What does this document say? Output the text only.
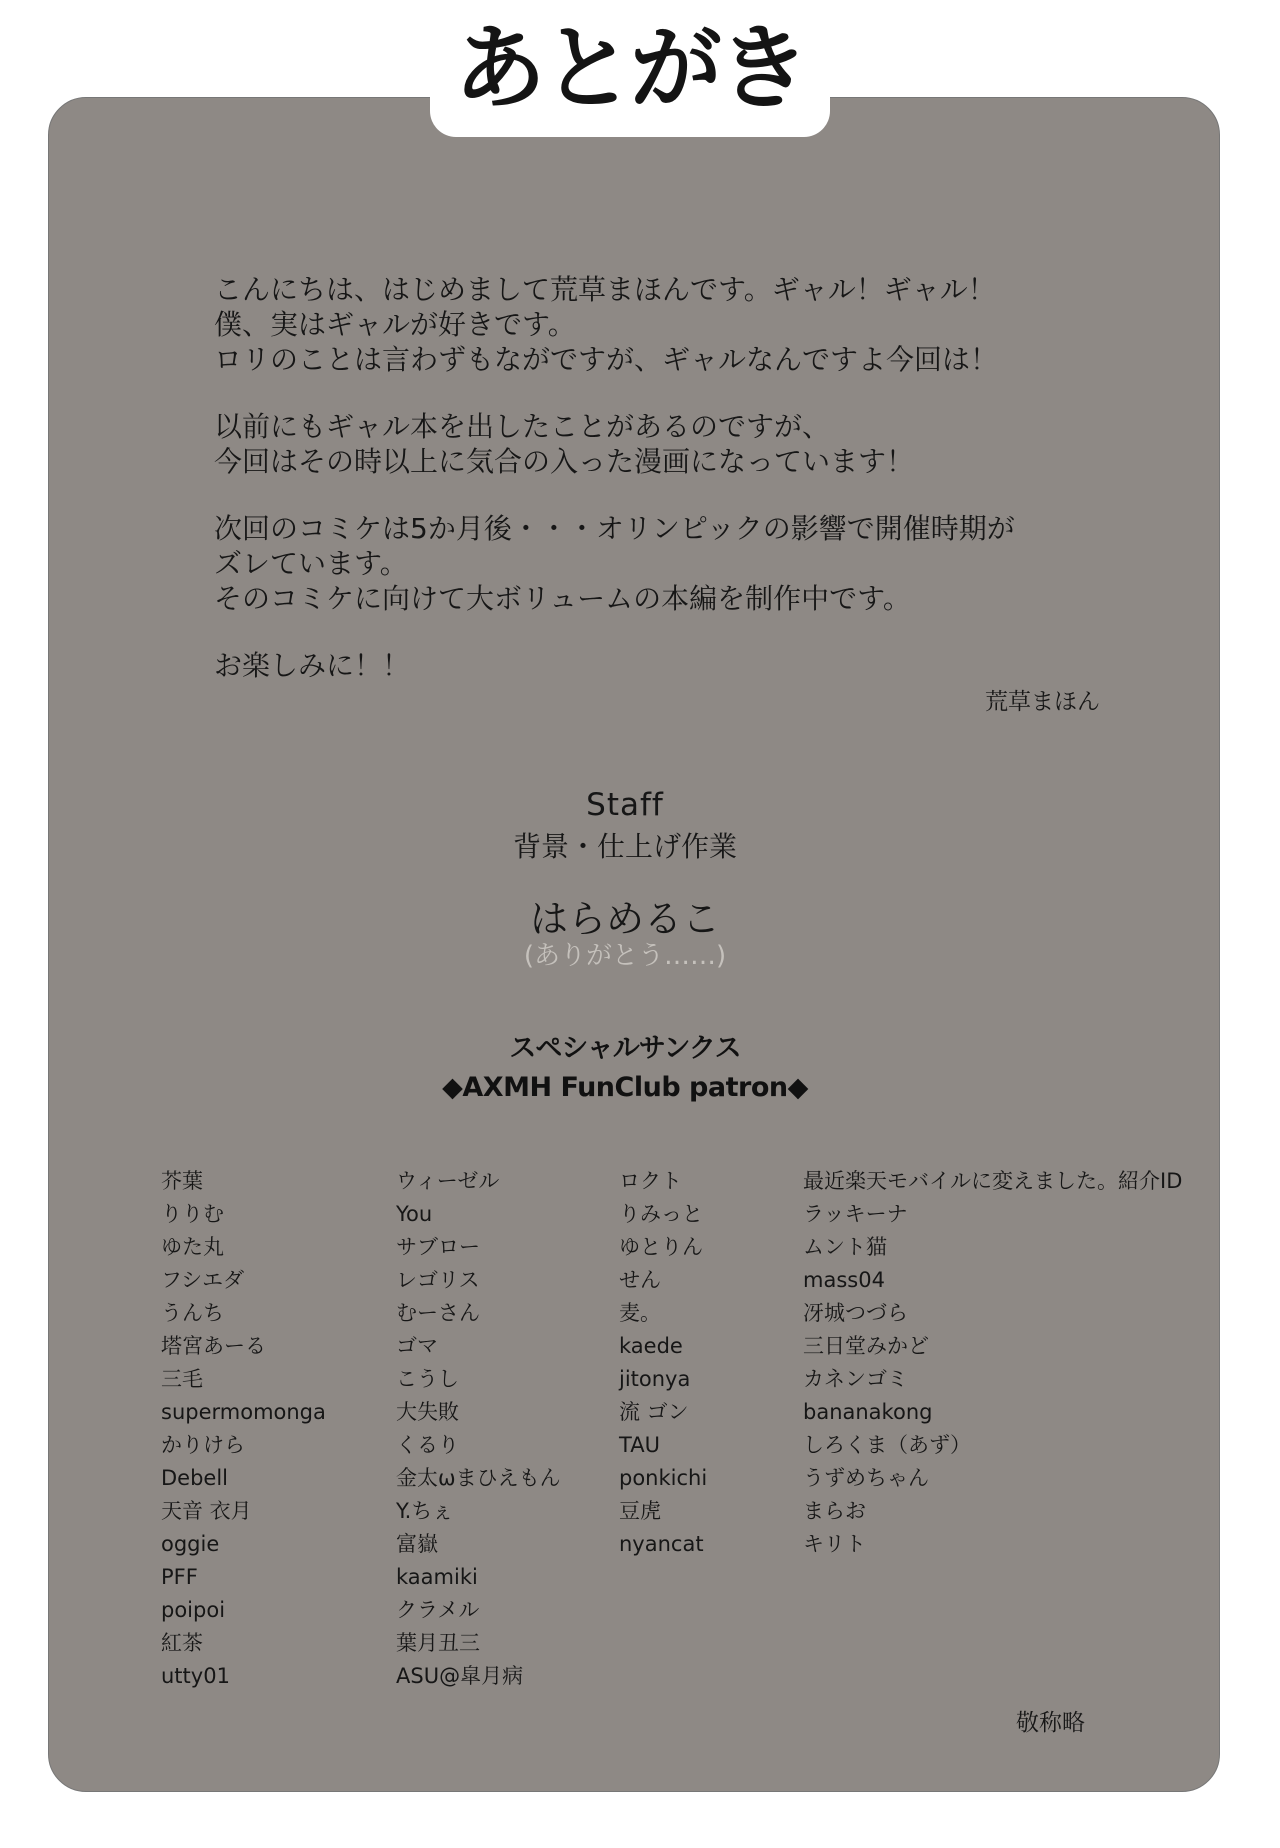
あとがき

こんにちは、はじめまして荒草まほんです。ギャル！ギャル！
僕、実はギャルが好きです。
ロリのことは言わずもながですが、ギャルなんですよ今回は！

以前にもギャル本を出したことがあるのですが、
今回はその時以上に気合の入った漫画になっています！

次回のコミケは5か月後・・・オリンピックの影響で開催時期が
ズレています。
そのコミケに向けて大ボリュームの本編を制作中です。

お楽しみに！！

荒草まほん
Staff
背景・仕上げ作業
はらめるこ
(ありがとう……)
スペシャルサンクス
◆AXMH FunClub patron◆
芥葉
りりむ
ゆた丸
フシエダ
うんち
塔宮あーる
三毛
supermomonga
かりけら
Debell
天音 衣月
oggie
PFF
poipoi
紅茶
utty01
ウィーゼル
You
サブロー
レゴリス
むーさん
ゴマ
こうし
大失敗
くるり
金太ωまひえもん
Y.ちぇ
富嶽
kaamiki
クラメル
葉月丑三
ASU@皐月病
ロクト
りみっと
ゆとりん
せん
麦。
kaede
jitonya
流 ゴン
TAU
ponkichi
豆虎
nyancat
最近楽天モバイルに変えました。紹介ID
ラッキーナ
ムント猫
mass04
冴城つづら
三日堂みかど
カネンゴミ
bananakong
しろくま（あず）
うずめちゃん
まらお
キリト
敬称略
